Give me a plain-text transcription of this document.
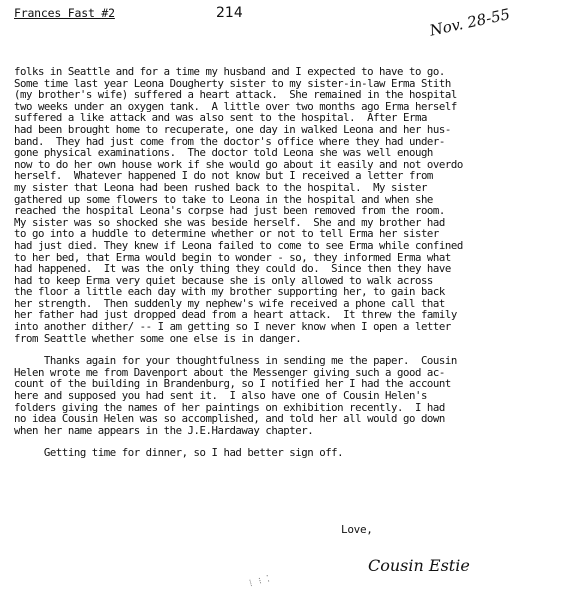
Frances Fast #2	214	Nov. 28-55
folks in Seattle and for a time my husband and I expected to have to go.
Some time last year Leona Dougherty sister to my sister-in-law Erma Stith
(my brother's wife) suffered a heart attack.  She remained in the hospital
two weeks under an oxygen tank.  A little over two months ago Erma herself
suffered a like attack and was also sent to the hospital.  After Erma
had been brought home to recuperate, one day in walked Leona and her hus-
band.  They had just come from the doctor's office where they had under-
gone physical examinations.  The doctor told Leona she was well enough
now to do her own house work if she would go about it easily and not overdo
herself.  Whatever happened I do not know but I received a letter from
my sister that Leona had been rushed back to the hospital.  My sister
gathered up some flowers to take to Leona in the hospital and when she
reached the hospital Leona's corpse had just been removed from the room.
My sister was so shocked she was beside herself.  She and my brother had
to go into a huddle to determine whether or not to tell Erma her sister
had just died. They knew if Leona failed to come to see Erma while confined
to her bed, that Erma would begin to wonder - so, they informed Erma what
had happened.  It was the only thing they could do.  Since then they have
had to keep Erma very quiet because she is only allowed to walk across
the floor a little each day with my brother supporting her, to gain back
her strength.  Then suddenly my nephew's wife received a phone call that
her father had just dropped dead from a heart attack.  It threw the family
into another dither/ -- I am getting so I never know when I open a letter
from Seattle whether some one else is in danger.
Thanks again for your thoughtfulness in sending me the paper.  Cousin
Helen wrote me from Davenport about the Messenger giving such a good ac-
count of the building in Brandenburg, so I notified her I had the account
here and supposed you had sent it.  I also have one of Cousin Helen's
folders giving the names of her paintings on exhibition recently.  I had
no idea Cousin Helen was so accomplished, and told her all would go down
when her name appears in the J.E.Hardaway chapter.
Getting time for dinner, so I had better sign off.
Love,
Cousin Estie
⁞ ⁝ ⁚
